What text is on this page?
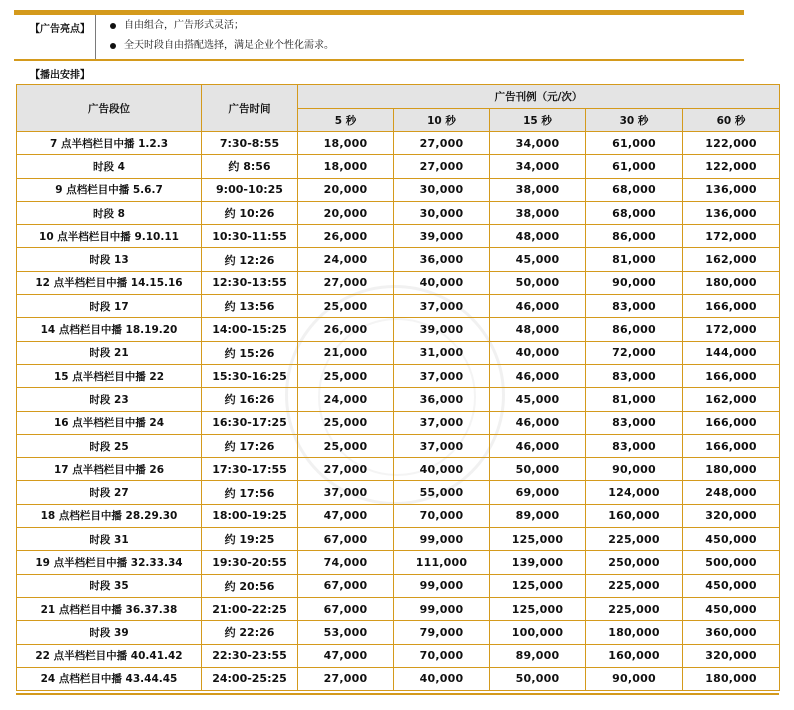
【广告亮点】	自由组合，广告形式灵活；
全天时段自由搭配选择，满足企业个性化需求。
【播出安排】
广告段位	广告时间	广告刊例（元/次）				
		5 秒	10 秒	15 秒	30 秒	60 秒
7 点半档栏目中播 1.2.3	7:30-8:55	18,000	27,000	34,000	61,000	122,000
时段 4	约 8:56	18,000	27,000	34,000	61,000	122,000
9 点档栏目中播 5.6.7	9:00-10:25	20,000	30,000	38,000	68,000	136,000
时段 8	约 10:26	20,000	30,000	38,000	68,000	136,000
10 点半档栏目中播 9.10.11	10:30-11:55	26,000	39,000	48,000	86,000	172,000
时段 13	约 12:26	24,000	36,000	45,000	81,000	162,000
12 点半档栏目中播 14.15.16	12:30-13:55	27,000	40,000	50,000	90,000	180,000
时段 17	约 13:56	25,000	37,000	46,000	83,000	166,000
14 点档栏目中播 18.19.20	14:00-15:25	26,000	39,000	48,000	86,000	172,000
时段 21	约 15:26	21,000	31,000	40,000	72,000	144,000
15 点半档栏目中播 22	15:30-16:25	25,000	37,000	46,000	83,000	166,000
时段 23	约 16:26	24,000	36,000	45,000	81,000	162,000
16 点半档栏目中播 24	16:30-17:25	25,000	37,000	46,000	83,000	166,000
时段 25	约 17:26	25,000	37,000	46,000	83,000	166,000
17 点半档栏目中播 26	17:30-17:55	27,000	40,000	50,000	90,000	180,000
时段 27	约 17:56	37,000	55,000	69,000	124,000	248,000
18 点档栏目中播 28.29.30	18:00-19:25	47,000	70,000	89,000	160,000	320,000
时段 31	约 19:25	67,000	99,000	125,000	225,000	450,000
19 点半档栏目中播 32.33.34	19:30-20:55	74,000	111,000	139,000	250,000	500,000
时段 35	约 20:56	67,000	99,000	125,000	225,000	450,000
21 点档栏目中播 36.37.38	21:00-22:25	67,000	99,000	125,000	225,000	450,000
时段 39	约 22:26	53,000	79,000	100,000	180,000	360,000
22 点半档栏目中播 40.41.42	22:30-23:55	47,000	70,000	89,000	160,000	320,000
24 点档栏目中播 43.44.45	24:00-25:25	27,000	40,000	50,000	90,000	180,000
